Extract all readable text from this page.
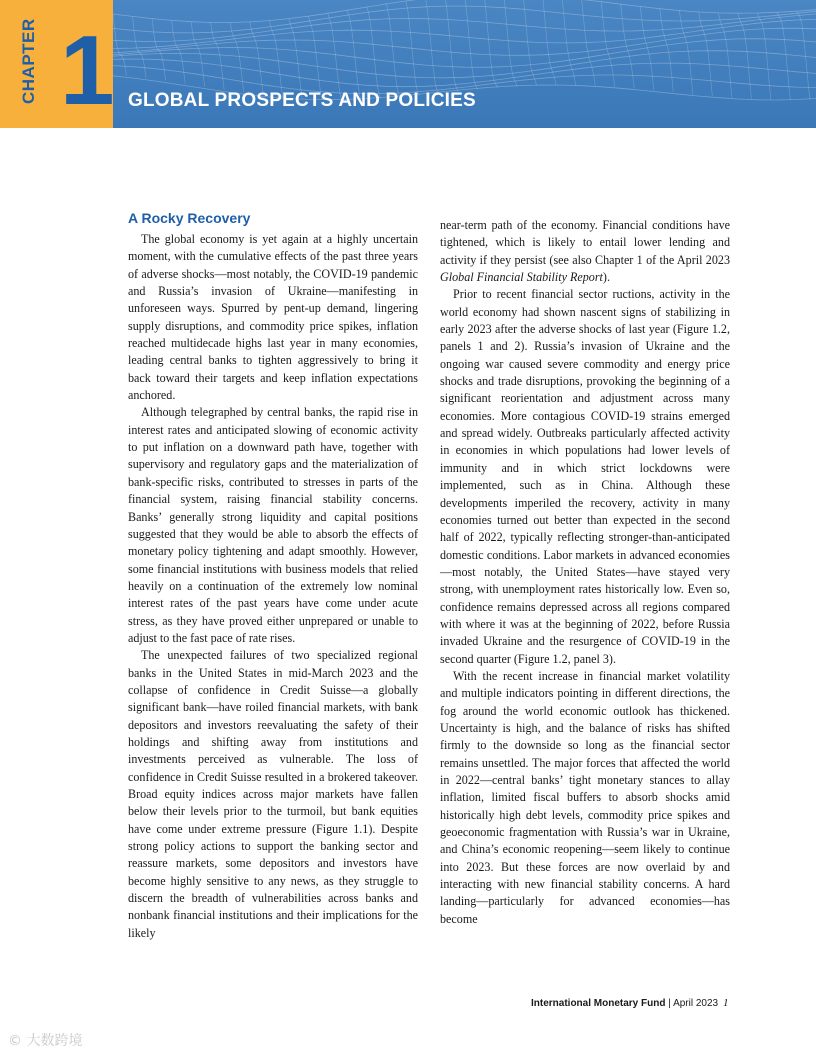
CHAPTER 1 GLOBAL PROSPECTS AND POLICIES
A Rocky Recovery

The global economy is yet again at a highly uncertain moment, with the cumulative effects of the past three years of adverse shocks—most notably, the COVID-19 pandemic and Russia’s invasion of Ukraine—manifesting in unforeseen ways. Spurred by pent-up demand, lingering supply disruptions, and commodity price spikes, inflation reached multidecade highs last year in many economies, leading central banks to tighten aggressively to bring it back toward their targets and keep inflation expectations anchored.

Although telegraphed by central banks, the rapid rise in interest rates and anticipated slowing of economic activity to put inflation on a downward path have, together with supervisory and regulatory gaps and the materialization of bank-specific risks, contributed to stresses in parts of the financial system, raising financial stability concerns. Banks’ generally strong liquidity and capital positions suggested that they would be able to absorb the effects of monetary policy tightening and adapt smoothly. However, some financial institutions with business models that relied heavily on a continuation of the extremely low nominal interest rates of the past years have come under acute stress, as they have proved either unprepared or unable to adjust to the fast pace of rate rises.

The unexpected failures of two specialized regional banks in the United States in mid-March 2023 and the collapse of confidence in Credit Suisse—a globally significant bank—have roiled financial markets, with bank depositors and investors reevaluating the safety of their holdings and shifting away from institutions and investments perceived as vulnerable. The loss of confidence in Credit Suisse resulted in a brokered takeover. Broad equity indices across major markets have fallen below their levels prior to the turmoil, but bank equities have come under extreme pressure (Figure 1.1). Despite strong policy actions to support the banking sector and reassure markets, some depositors and investors have become highly sensitive to any news, as they struggle to discern the breadth of vulnerabilities across banks and nonbank financial institutions and their implications for the likely

near-term path of the economy. Financial conditions have tightened, which is likely to entail lower lending and activity if they persist (see also Chapter 1 of the April 2023 Global Financial Stability Report).

Prior to recent financial sector ructions, activity in the world economy had shown nascent signs of stabilizing in early 2023 after the adverse shocks of last year (Figure 1.2, panels 1 and 2). Russia’s invasion of Ukraine and the ongoing war caused severe commodity and energy price shocks and trade disruptions, provoking the beginning of a significant reorientation and adjustment across many economies. More contagious COVID-19 strains emerged and spread widely. Outbreaks particularly affected activity in economies in which populations had lower levels of immunity and in which strict lockdowns were implemented, such as in China. Although these developments imperiled the recovery, activity in many economies turned out better than expected in the second half of 2022, typically reflecting stronger-than-anticipated domestic conditions. Labor markets in advanced economies—most notably, the United States—have stayed very strong, with unemployment rates historically low. Even so, confidence remains depressed across all regions compared with where it was at the beginning of 2022, before Russia invaded Ukraine and the resurgence of COVID-19 in the second quarter (Figure 1.2, panel 3).

With the recent increase in financial market volatility and multiple indicators pointing in different directions, the fog around the world economic outlook has thickened. Uncertainty is high, and the balance of risks has shifted firmly to the downside so long as the financial sector remains unsettled. The major forces that affected the world in 2022—central banks’ tight monetary stances to allay inflation, limited fiscal buffers to absorb shocks amid historically high debt levels, commodity price spikes and geoeconomic fragmentation with Russia’s war in Ukraine, and China’s economic reopening—seem likely to continue into 2023. But these forces are now overlaid by and interacting with new financial stability concerns. A hard landing—particularly for advanced economies—has become

International Monetary Fund | April 2023 1
© 大数跨境
